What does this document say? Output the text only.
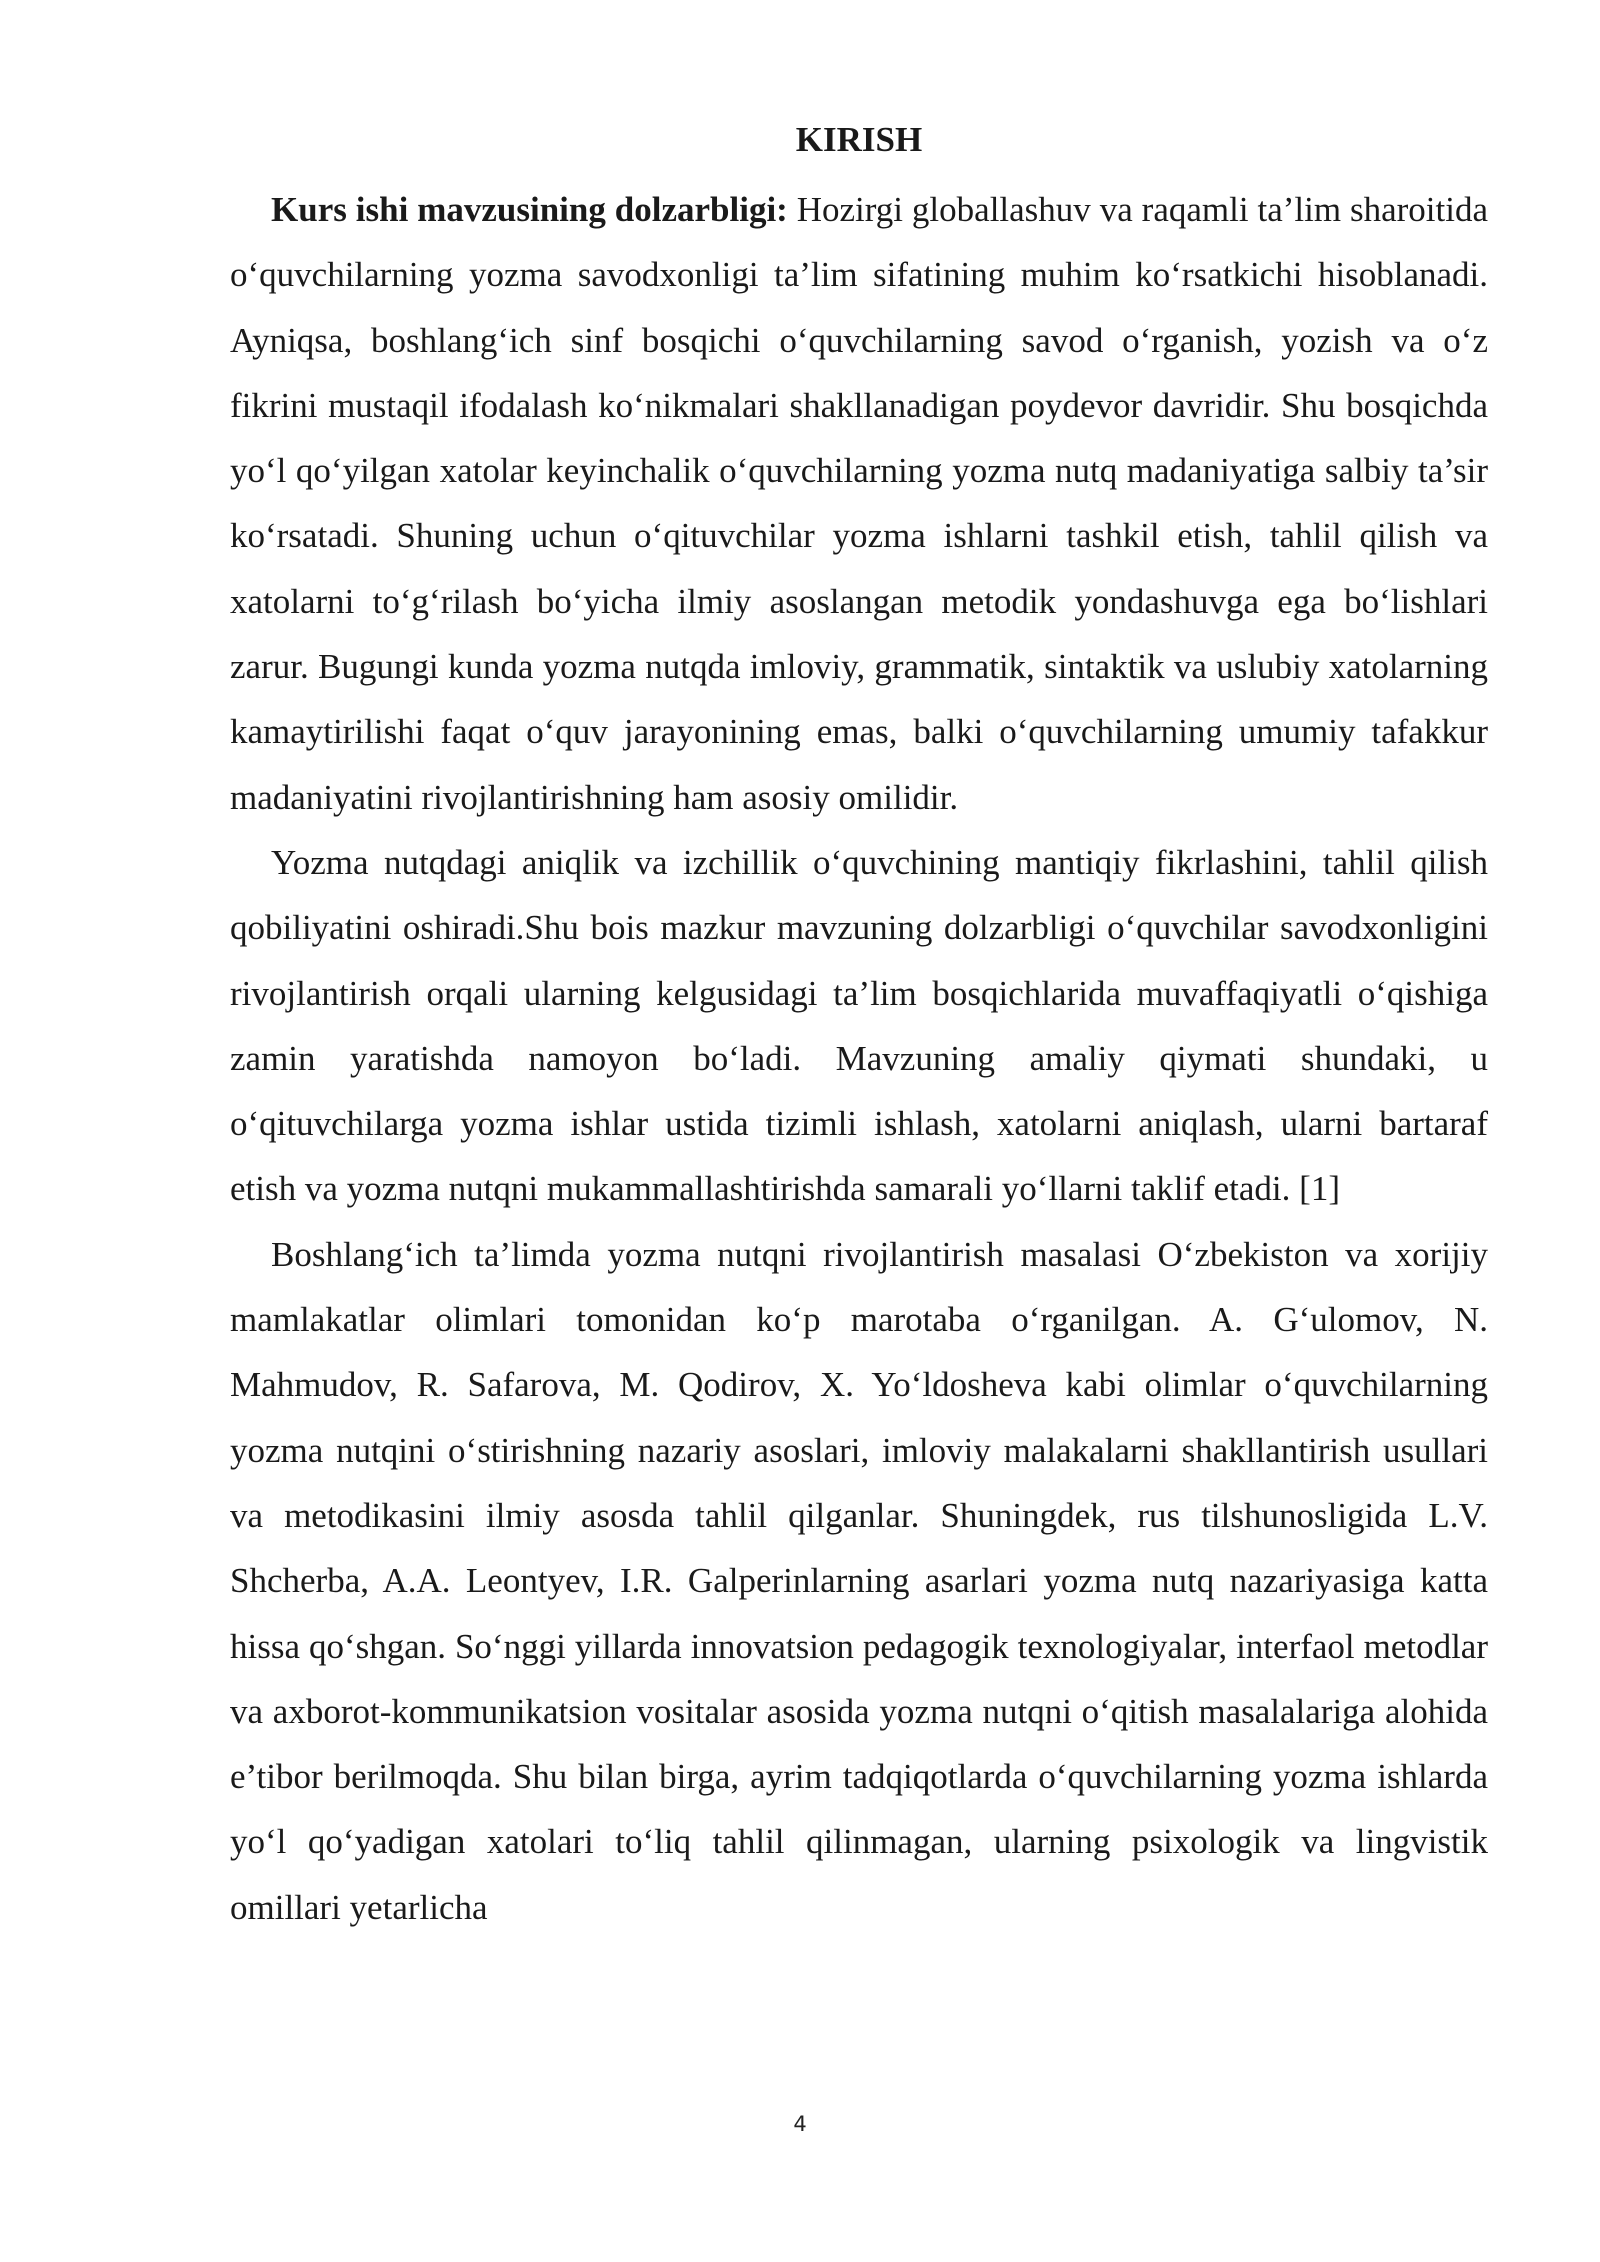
KIRISH

Kurs ishi mavzusining dolzarbligi: Hozirgi globallashuv va raqamli ta’lim sharoitida o‘quvchilarning yozma savodxonligi ta’lim sifatining muhim ko‘rsatkichi hisoblanadi. Ayniqsa, boshlang‘ich sinf bosqichi o‘quvchilarning savod o‘rganish, yozish va o‘z fikrini mustaqil ifodalash ko‘nikmalari shakllanadigan poydevor davridir. Shu bosqichda yo‘l qo‘yilgan xatolar keyinchalik o‘quvchilarning yozma nutq madaniyatiga salbiy ta’sir ko‘rsatadi. Shuning uchun o‘qituvchilar yozma ishlarni tashkil etish, tahlil qilish va xatolarni to‘g‘rilash bo‘yicha ilmiy asoslangan metodik yondashuvga ega bo‘lishlari zarur. Bugungi kunda yozma nutqda imloviy, grammatik, sintaktik va uslubiy xatolarning kamaytirilishi faqat o‘quv jarayonining emas, balki o‘quvchilarning umumiy tafakkur madaniyatini rivojlantirishning ham asosiy omilidir.

Yozma nutqdagi aniqlik va izchillik o‘quvchining mantiqiy fikrlashini, tahlil qilish qobiliyatini oshiradi.Shu bois mazkur mavzuning dolzarbligi o‘quvchilar savodxonligini rivojlantirish orqali ularning kelgusidagi ta’lim bosqichlarida muvaffaqiyatli o‘qishiga zamin yaratishda namoyon bo‘ladi. Mavzuning amaliy qiymati shundaki, u o‘qituvchilarga yozma ishlar ustida tizimli ishlash, xatolarni aniqlash, ularni bartaraf etish va yozma nutqni mukammallashtirishda samarali yo‘llarni taklif etadi. [1]

Boshlang‘ich ta’limda yozma nutqni rivojlantirish masalasi O‘zbekiston va xorijiy mamlakatlar olimlari tomonidan ko‘p marotaba o‘rganilgan. A. G‘ulomov, N. Mahmudov, R. Safarova, M. Qodirov, X. Yo‘ldosheva kabi olimlar o‘quvchilarning yozma nutqini o‘stirishning nazariy asoslari, imloviy malakalarni shakllantirish usullari va metodikasini ilmiy asosda tahlil qilganlar. Shuningdek, rus tilshunosligida L.V. Shcherba, A.A. Leontyev, I.R. Galperinlarning asarlari yozma nutq nazariyasiga katta hissa qo‘shgan. So‘nggi yillarda innovatsion pedagogik texnologiyalar, interfaol metodlar va axborot-kommunikatsion vositalar asosida yozma nutqni o‘qitish masalalariga alohida e’tibor berilmoqda. Shu bilan birga, ayrim tadqiqotlarda o‘quvchilarning yozma ishlarda yo‘l qo‘yadigan xatolari to‘liq tahlil qilinmagan, ularning psixologik va lingvistik omillari yetarlicha

4
